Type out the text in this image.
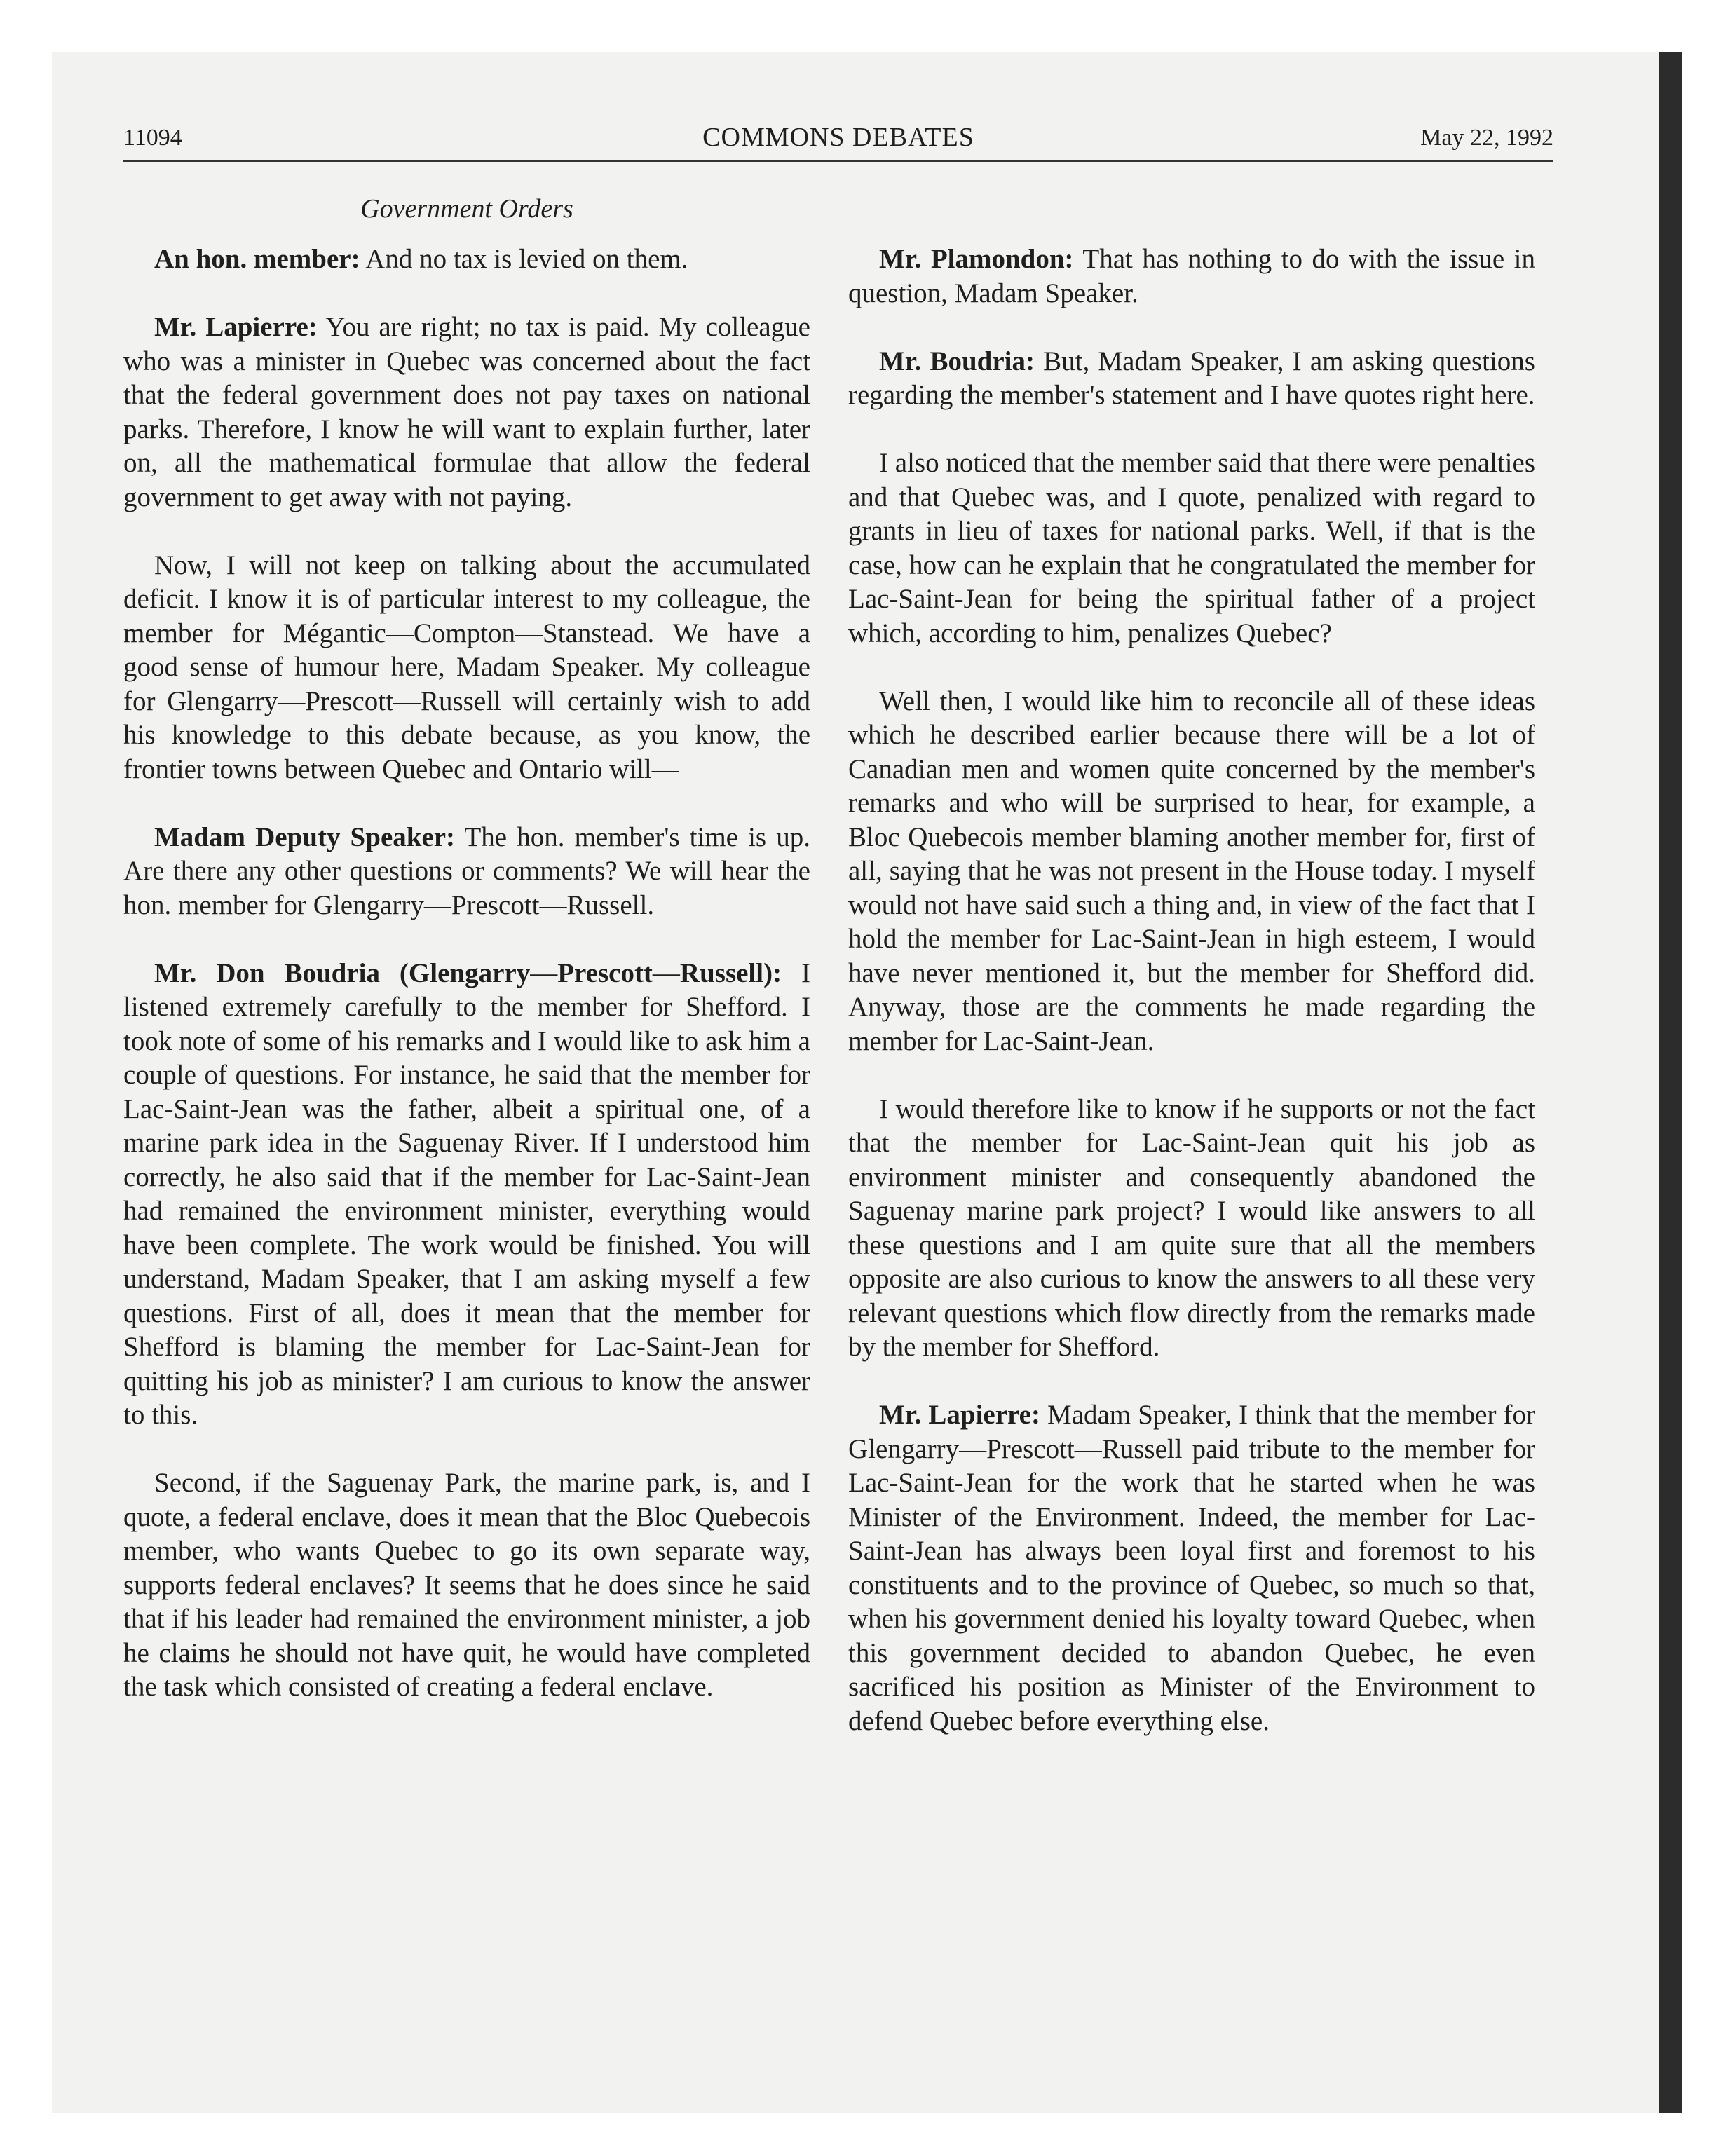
11094	COMMONS DEBATES	May 22, 1992
Government Orders

An hon. member: And no tax is levied on them.

Mr. Lapierre: You are right; no tax is paid. My colleague who was a minister in Quebec was concerned about the fact that the federal government does not pay taxes on national parks. Therefore, I know he will want to explain further, later on, all the mathematical formulae that allow the federal government to get away with not paying.

Now, I will not keep on talking about the accumulated deficit. I know it is of particular interest to my colleague, the member for Mégantic—Compton—Stanstead. We have a good sense of humour here, Madam Speaker. My colleague for Glengarry—Prescott—Russell will certainly wish to add his knowledge to this debate because, as you know, the frontier towns between Quebec and Ontario will—

Madam Deputy Speaker: The hon. member's time is up. Are there any other questions or comments? We will hear the hon. member for Glengarry—Prescott—Russell.

Mr. Don Boudria (Glengarry—Prescott—Russell): I listened extremely carefully to the member for Shefford. I took note of some of his remarks and I would like to ask him a couple of questions. For instance, he said that the member for Lac-Saint-Jean was the father, albeit a spiritual one, of a marine park idea in the Saguenay River. If I understood him correctly, he also said that if the member for Lac-Saint-Jean had remained the environment minister, everything would have been complete. The work would be finished. You will understand, Madam Speaker, that I am asking myself a few questions. First of all, does it mean that the member for Shefford is blaming the member for Lac-Saint-Jean for quitting his job as minister? I am curious to know the answer to this.

Second, if the Saguenay Park, the marine park, is, and I quote, a federal enclave, does it mean that the Bloc Quebecois member, who wants Quebec to go its own separate way, supports federal enclaves? It seems that he does since he said that if his leader had remained the environment minister, a job he claims he should not have quit, he would have completed the task which consisted of creating a federal enclave.

Mr. Plamondon: That has nothing to do with the issue in question, Madam Speaker.

Mr. Boudria: But, Madam Speaker, I am asking questions regarding the member's statement and I have quotes right here.

I also noticed that the member said that there were penalties and that Quebec was, and I quote, penalized with regard to grants in lieu of taxes for national parks. Well, if that is the case, how can he explain that he congratulated the member for Lac-Saint-Jean for being the spiritual father of a project which, according to him, penalizes Quebec?

Well then, I would like him to reconcile all of these ideas which he described earlier because there will be a lot of Canadian men and women quite concerned by the member's remarks and who will be surprised to hear, for example, a Bloc Quebecois member blaming another member for, first of all, saying that he was not present in the House today. I myself would not have said such a thing and, in view of the fact that I hold the member for Lac-Saint-Jean in high esteem, I would have never mentioned it, but the member for Shefford did. Anyway, those are the comments he made regarding the member for Lac-Saint-Jean.

I would therefore like to know if he supports or not the fact that the member for Lac-Saint-Jean quit his job as environment minister and consequently abandoned the Saguenay marine park project? I would like answers to all these questions and I am quite sure that all the members opposite are also curious to know the answers to all these very relevant questions which flow directly from the remarks made by the member for Shefford.

Mr. Lapierre: Madam Speaker, I think that the member for Glengarry—Prescott—Russell paid tribute to the member for Lac-Saint-Jean for the work that he started when he was Minister of the Environment. Indeed, the member for Lac-Saint-Jean has always been loyal first and foremost to his constituents and to the province of Quebec, so much so that, when his government denied his loyalty toward Quebec, when this government decided to abandon Quebec, he even sacrificed his position as Minister of the Environment to defend Quebec before everything else.
